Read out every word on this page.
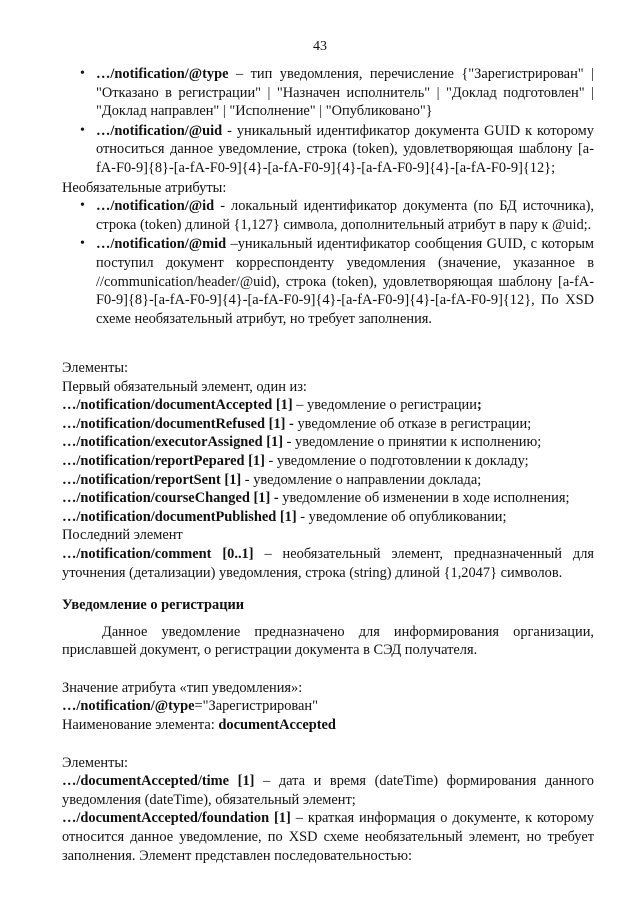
43
• …/notification/@type – тип уведомления, перечисление {"Зарегистрирован" | "Отказано в регистрации" | "Назначен исполнитель" | "Доклад подготовлен" | "Доклад направлен" | "Исполнение" | "Опубликовано"}
• …/notification/@uid - уникальный идентификатор документа GUID к которому относиться данное уведомление, строка (token), удовлетворяющая шаблону [a-fA-F0-9]{8}-[a-fA-F0-9]{4}-[a-fA-F0-9]{4}-[a-fA-F0-9]{4}-[a-fA-F0-9]{12};
Необязательные атрибуты:
• …/notification/@id - локальный идентификатор документа (по БД источника), строка (token) длиной {1,127} символа, дополнительный атрибут в пару к @uid;.
• …/notification/@mid –уникальный идентификатор сообщения GUID, с которым поступил документ корреспонденту уведомления (значение, указанное в //communication/header/@uid), строка (token), удовлетворяющая шаблону [a-fA-F0-9]{8}-[a-fA-F0-9]{4}-[a-fA-F0-9]{4}-[a-fA-F0-9]{4}-[a-fA-F0-9]{12}, По XSD схеме необязательный атрибут, но требует заполнения.
Элементы:
Первый обязательный элемент, один из:
…/notification/documentAccepted [1] – уведомление о регистрации;
…/notification/documentRefused [1] - уведомление об отказе в регистрации;
…/notification/executorAssigned [1] - уведомление о принятии к исполнению;
…/notification/reportPepared [1] - уведомление о подготовлении к докладу;
…/notification/reportSent [1] - уведомление о направлении доклада;
…/notification/courseChanged [1] - уведомление об изменении в ходе исполнения;
…/notification/documentPublished [1] - уведомление об опубликовании;
Последний элемент
…/notification/comment [0..1] – необязательный элемент, предназначенный для уточнения (детализации) уведомления, строка (string) длиной {1,2047} символов.
Уведомление о регистрации
Данное уведомление предназначено для информирования организации, приславшей документ, о регистрации документа в СЭД получателя.
Значение атрибута «тип уведомления»:
…/notification/@type="Зарегистрирован"
Наименование элемента: documentAccepted
Элементы:
…/documentAccepted/time [1] – дата и время (dateTime) формирования данного уведомления (dateTime), обязательный элемент;
…/documentAccepted/foundation [1] – краткая информация о документе, к которому относится данное уведомление, по XSD схеме необязательный элемент, но требует заполнения. Элемент представлен последовательностью:
